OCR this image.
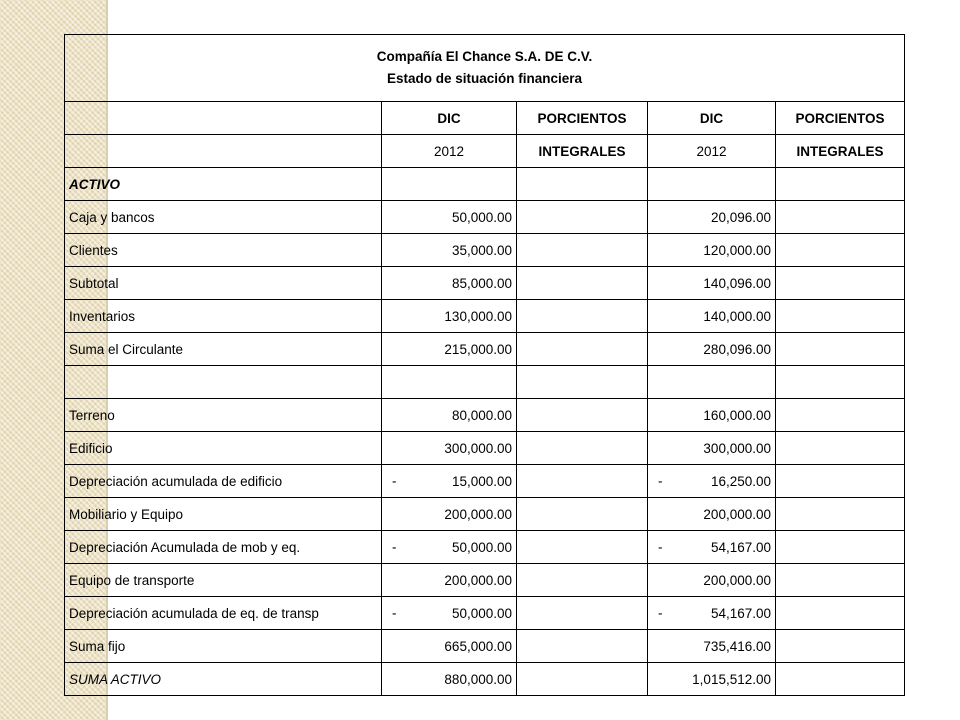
Compañía El Chance S.A. DE C.V.
Estado de situación financiera				

	DIC	PORCIENTOS	DIC	PORCIENTOS
	2012	INTEGRALES	2012	INTEGRALES
ACTIVO				
Caja y bancos	50,000.00		20,096.00	
Clientes	35,000.00		120,000.00	
Subtotal	85,000.00		140,096.00	
Inventarios	130,000.00		140,000.00	
Suma el Circulante	215,000.00		280,096.00	

Terreno	80,000.00		160,000.00	
Edificio	300,000.00		300,000.00	
Depreciación acumulada de edificio	- 15,000.00		- 16,250.00	
Mobiliario y Equipo	200,000.00		200,000.00	
Depreciación Acumulada de mob y eq.	- 50,000.00		- 54,167.00	
Equipo de transporte	200,000.00		200,000.00	
Depreciación acumulada de eq. de transp	- 50,000.00		- 54,167.00	
Suma fijo	665,000.00		735,416.00	
SUMA ACTIVO	880,000.00		1,015,512.00	
